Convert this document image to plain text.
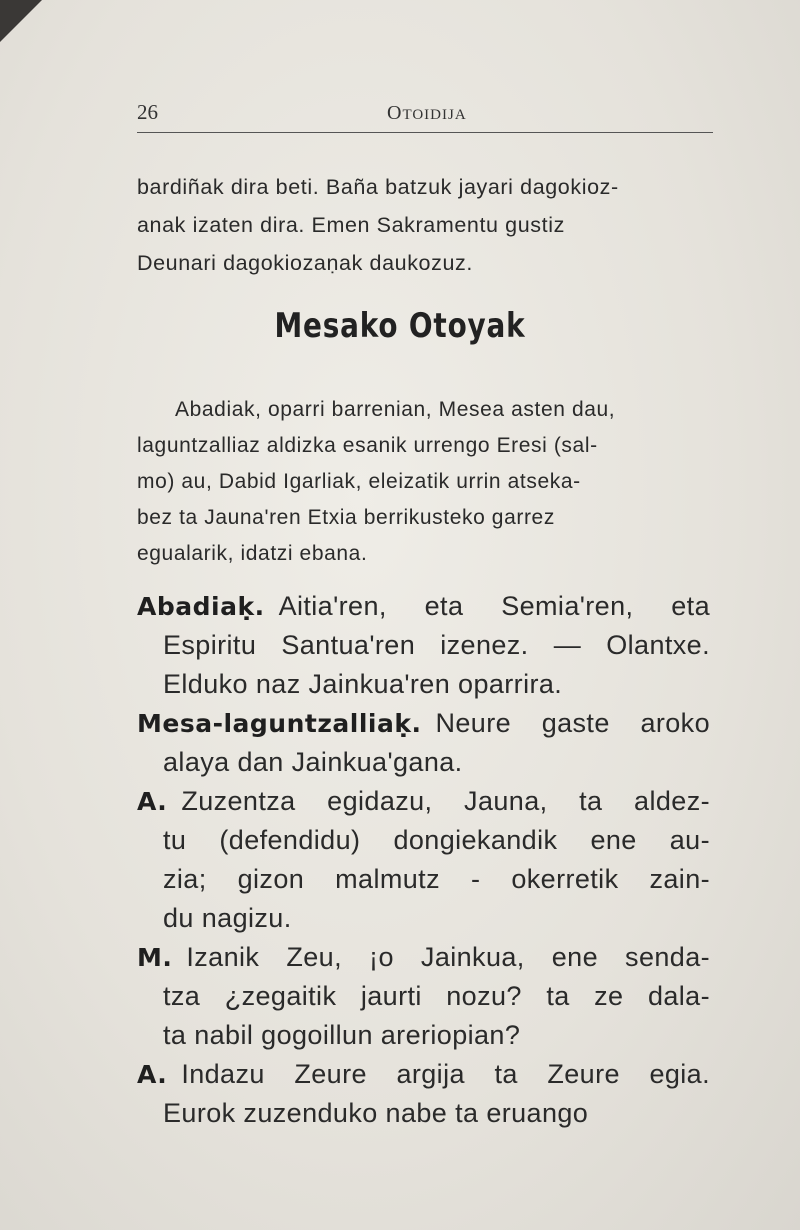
26	OTOIDIJA
bardiñak dira beti. Baña batzuk jayari dagokioz-
anak izaten dira. Emen Sakramentu gustiz
Deunari dagokiozaṇak daukozuz.
Mesako Otoyak
Abadiak, oparri barrenian, Mesea asten dau,
laguntzalliaz aldizka esanik urrengo Eresi (sal-
mo) au, Dabid Igarliak, eleizatik urrin atseka-
bez ta Jauna'ren Etxia berrikusteko garrez
egualarik, idatzi ebana.
Abadiaḳ. Aitia'ren, eta Semia'ren, eta
Espiritu Santua'ren izenez. — Olantxe.
Elduko naz Jainkua'ren oparrira.
Mesa-laguntzalliaḳ. Neure gaste aroko
alaya dan Jainkua'gana.
A. Zuzentza egidazu, Jauna, ta aldez-
tu (defendidu) dongiekandik ene au-
zia; gizon malmutz - okerretik zain-
du nagizu.
M. Izanik Zeu, ¡o Jainkua, ene senda-
tza ¿zegaitik jaurti nozu? ta ze dala-
ta nabil gogoillun areriopian?
A. Indazu Zeure argija ta Zeure egia.
Eurok zuzenduko nabe ta eruango
